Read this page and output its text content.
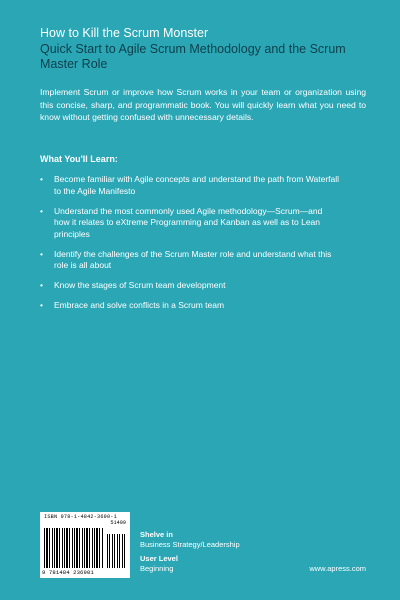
How to Kill the Scrum Monster
Quick Start to Agile Scrum Methodology and the Scrum Master Role
Implement Scrum or improve how Scrum works in your team or organization using this concise, sharp, and programmatic book. You will quickly learn what you need to know without getting confused with unnecessary details.
What You'll Learn:
• Become familiar with Agile concepts and understand the path from Waterfall to the Agile Manifesto
• Understand the most commonly used Agile methodology—Scrum—and how it relates to eXtreme Programming and Kanban as well as to Lean principles
• Identify the challenges of the Scrum Master role and understand what this role is all about
• Know the stages of Scrum team development
• Embrace and solve conflicts in a Scrum team
ISBN 978-1-4842-3690-1
51499
9 781484 236901
Shelve in
Business Strategy/Leadership
User Level
Beginning	www.apress.com
